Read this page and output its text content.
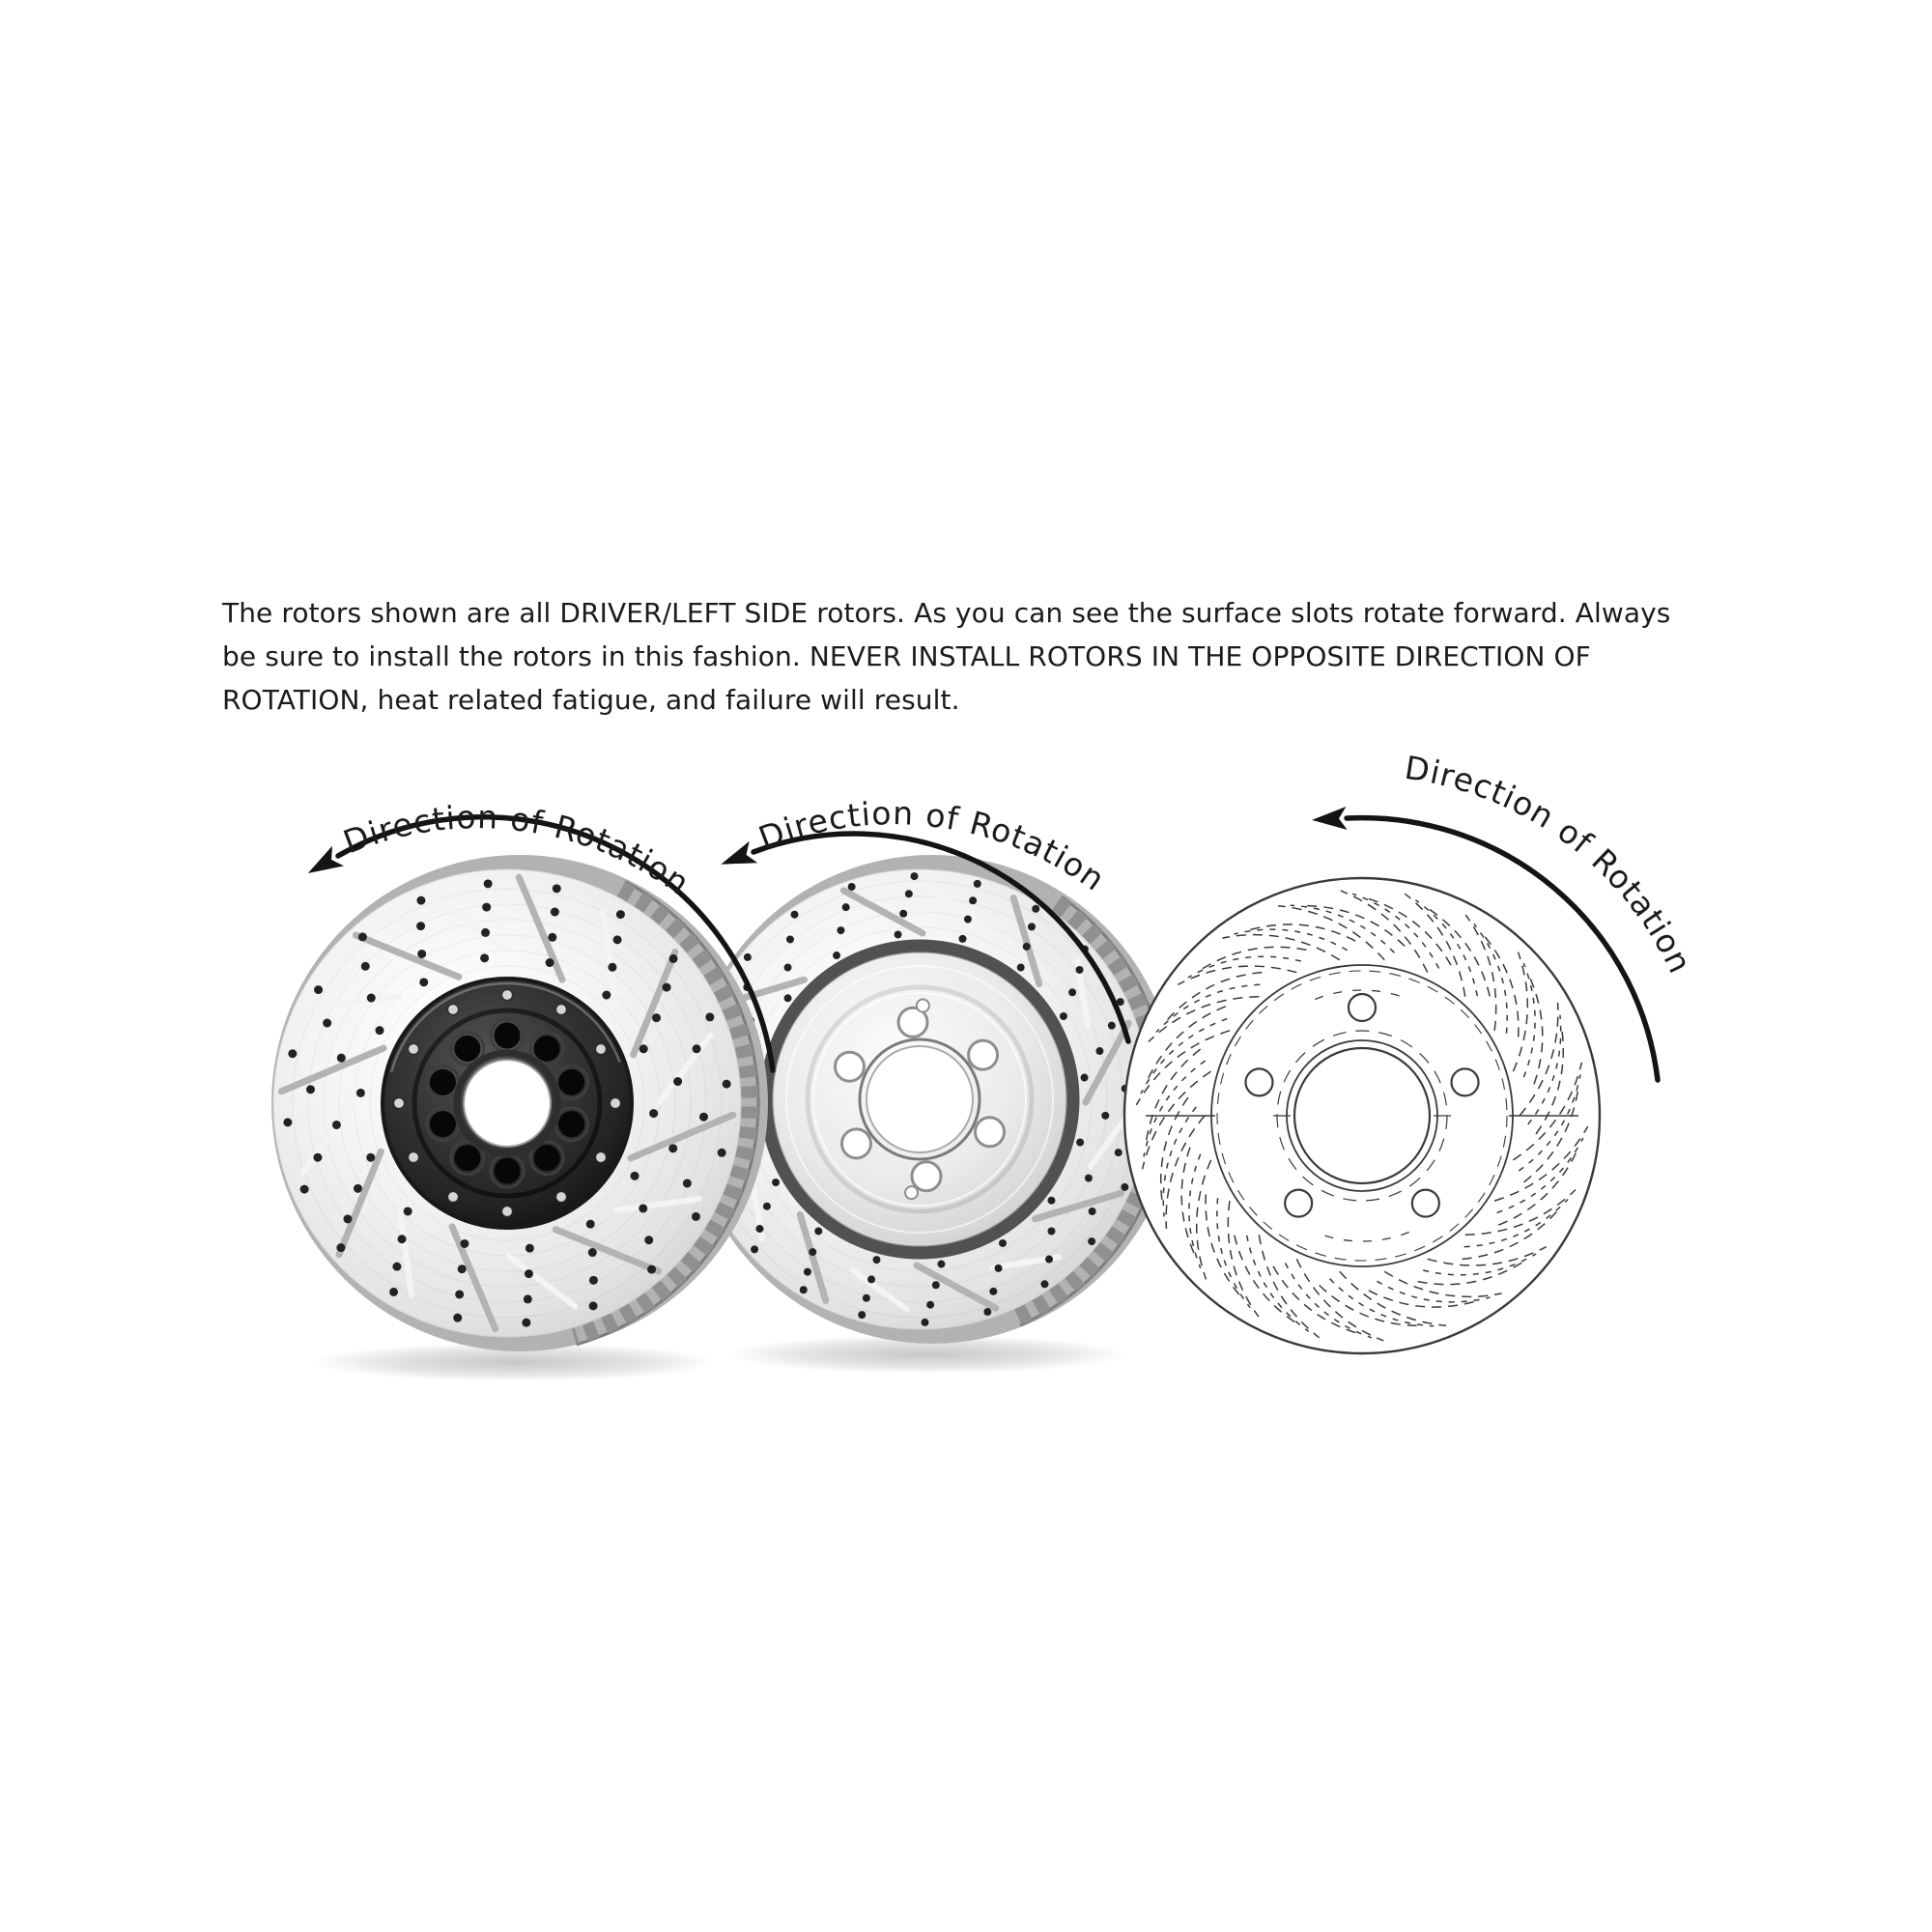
The rotors shown are all DRIVER/LEFT SIDE rotors. As you can see the surface slots rotate forward. Always
be sure to install the rotors in this fashion. NEVER INSTALL ROTORS IN THE OPPOSITE DIRECTION OF
ROTATION, heat related fatigue, and failure will result.
Direction of Rotation
Direction of Rotation
Direction of Rotation
